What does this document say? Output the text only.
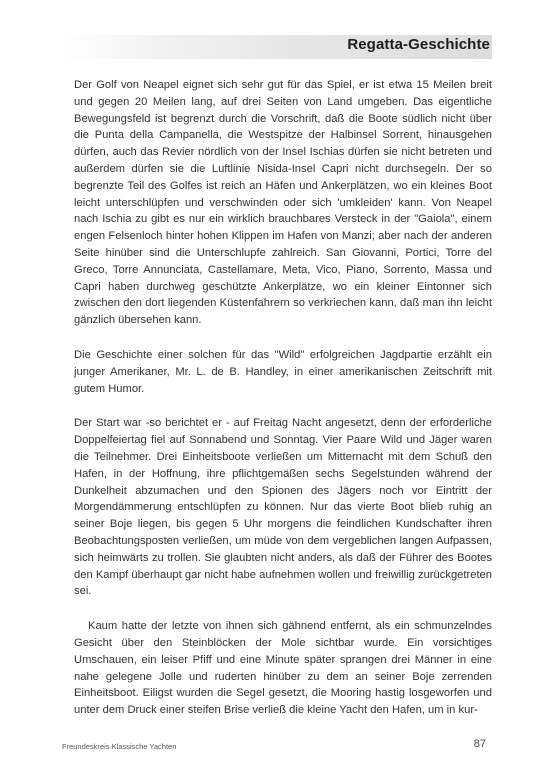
Regatta-Geschichte

Der Golf von Neapel eignet sich sehr gut für das Spiel, er ist etwa 15 Meilen breit und gegen 20 Meilen lang, auf drei Seiten von Land umgeben. Das eigentliche Bewegungsfeld ist begrenzt durch die Vorschrift, daß die Boote südlich nicht über die Punta della Campanella, die Westspitze der Halbinsel Sorrent, hinausgehen dürfen, auch das Revier nördlich von der Insel Ischias dürfen sie nicht betreten und außerdem dürfen sie die Luftlinie Nisida-Insel Capri nicht durchsegeln. Der so begrenzte Teil des Golfes ist reich an Häfen und Ankerplätzen, wo ein kleines Boot leicht unterschlüpfen und verschwinden oder sich 'umkleiden' kann. Von Neapel nach Ischia zu gibt es nur ein wirklich brauchbares Versteck in der "Gaiola", einem engen Felsenloch hinter hohen Klippen im Hafen von Manzi; aber nach der anderen Seite hinüber sind die Unterschlupfe zahlreich. San Giovanni, Portici, Torre del Greco, Torre Annunciata, Castellamare, Meta, Vico, Piano, Sorrento, Massa und Capri haben durchweg geschützte Ankerplätze, wo ein kleiner Eintonner sich zwischen den dort liegenden Küstenfahrern so verkriechen kann, daß man ihn leicht gänzlich übersehen kann.

Die Geschichte einer solchen für das "Wild" erfolgreichen Jagdpartie erzählt ein junger Amerikaner, Mr. L. de B. Handley, in einer amerikanischen Zeitschrift mit gutem Humor.

Der Start war -so berichtet er - auf Freitag Nacht angesetzt, denn der erforderliche Doppelfeiertag fiel auf Sonnabend und Sonntag. Vier Paare Wild und Jäger waren die Teilnehmer. Drei Einheitsboote verließen um Mitternacht mit dem Schuß den Hafen, in der Hoffnung, ihre pflichtgemäßen sechs Segelstunden während der Dunkelheit abzumachen und den Spionen des Jägers noch vor Eintritt der Morgendämmerung entschlüpfen zu können. Nur das vierte Boot blieb ruhig an seiner Boje liegen, bis gegen 5 Uhr morgens die feindlichen Kundschafter ihren Beobachtungsposten verließen, um müde von dem vergeblichen langen Aufpassen, sich heimwärts zu trollen. Sie glaubten nicht anders, als daß der Führer des Bootes den Kampf überhaupt gar nicht habe aufnehmen wollen und freiwillig zurückgetreten sei.

Kaum hatte der letzte von ihnen sich gähnend entfernt, als ein schmunzelndes Gesicht über den Steinblöcken der Mole sichtbar wurde. Ein vorsichtiges Umschauen, ein leiser Pfiff und eine Minute später sprangen drei Männer in eine nahe gelegene Jolle und ruderten hinüber zu dem an seiner Boje zerrenden Einheitsboot. Eiligst wurden die Segel gesetzt, die Mooring hastig losgeworfen und unter dem Druck einer steifen Brise verließ die kleine Yacht den Hafen, um in kur-

Freundeskreis Klassische Yachten	87
